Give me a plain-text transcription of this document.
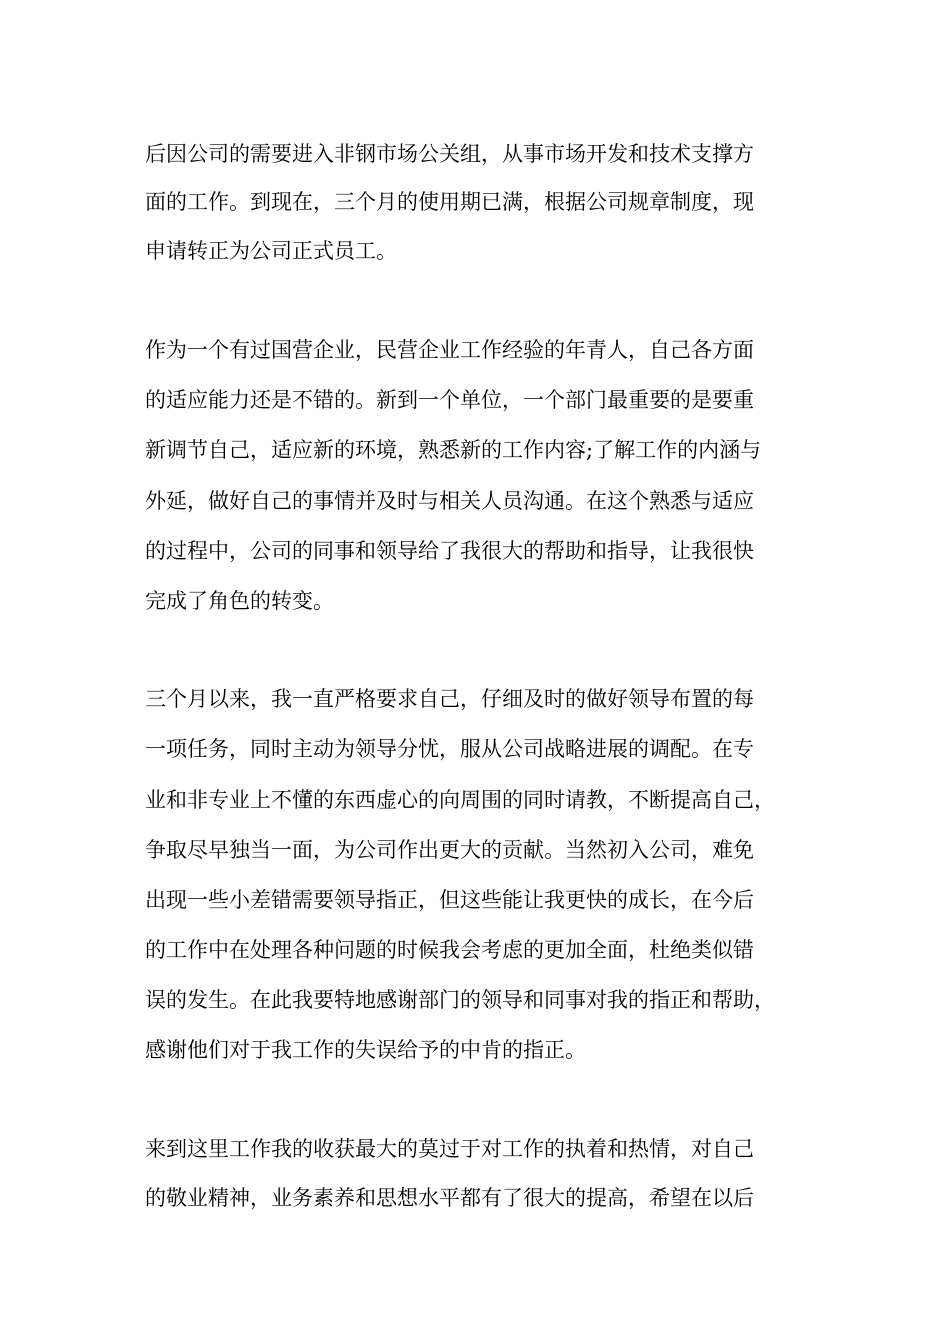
后因公司的需要进入非钢市场公关组，从事市场开发和技术支撑方

面的工作。到现在，三个月的使用期已满，根据公司规章制度，现

申请转正为公司正式员工。

作为一个有过国营企业，民营企业工作经验的年青人，自己各方面

的适应能力还是不错的。新到一个单位，一个部门最重要的是要重

新调节自己，适应新的环境，熟悉新的工作内容;了解工作的内涵与

外延，做好自己的事情并及时与相关人员沟通。在这个熟悉与适应

的过程中，公司的同事和领导给了我很大的帮助和指导，让我很快

完成了角色的转变。

三个月以来，我一直严格要求自己，仔细及时的做好领导布置的每

一项任务，同时主动为领导分忧，服从公司战略进展的调配。在专

业和非专业上不懂的东西虚心的向周围的同时请教，不断提高自己，

争取尽早独当一面，为公司作出更大的贡献。当然初入公司，难免

出现一些小差错需要领导指正，但这些能让我更快的成长，在今后

的工作中在处理各种问题的时候我会考虑的更加全面，杜绝类似错

误的发生。在此我要特地感谢部门的领导和同事对我的指正和帮助，

感谢他们对于我工作的失误给予的中肯的指正。

来到这里工作我的收获最大的莫过于对工作的执着和热情，对自己

的敬业精神，业务素养和思想水平都有了很大的提高，希望在以后
